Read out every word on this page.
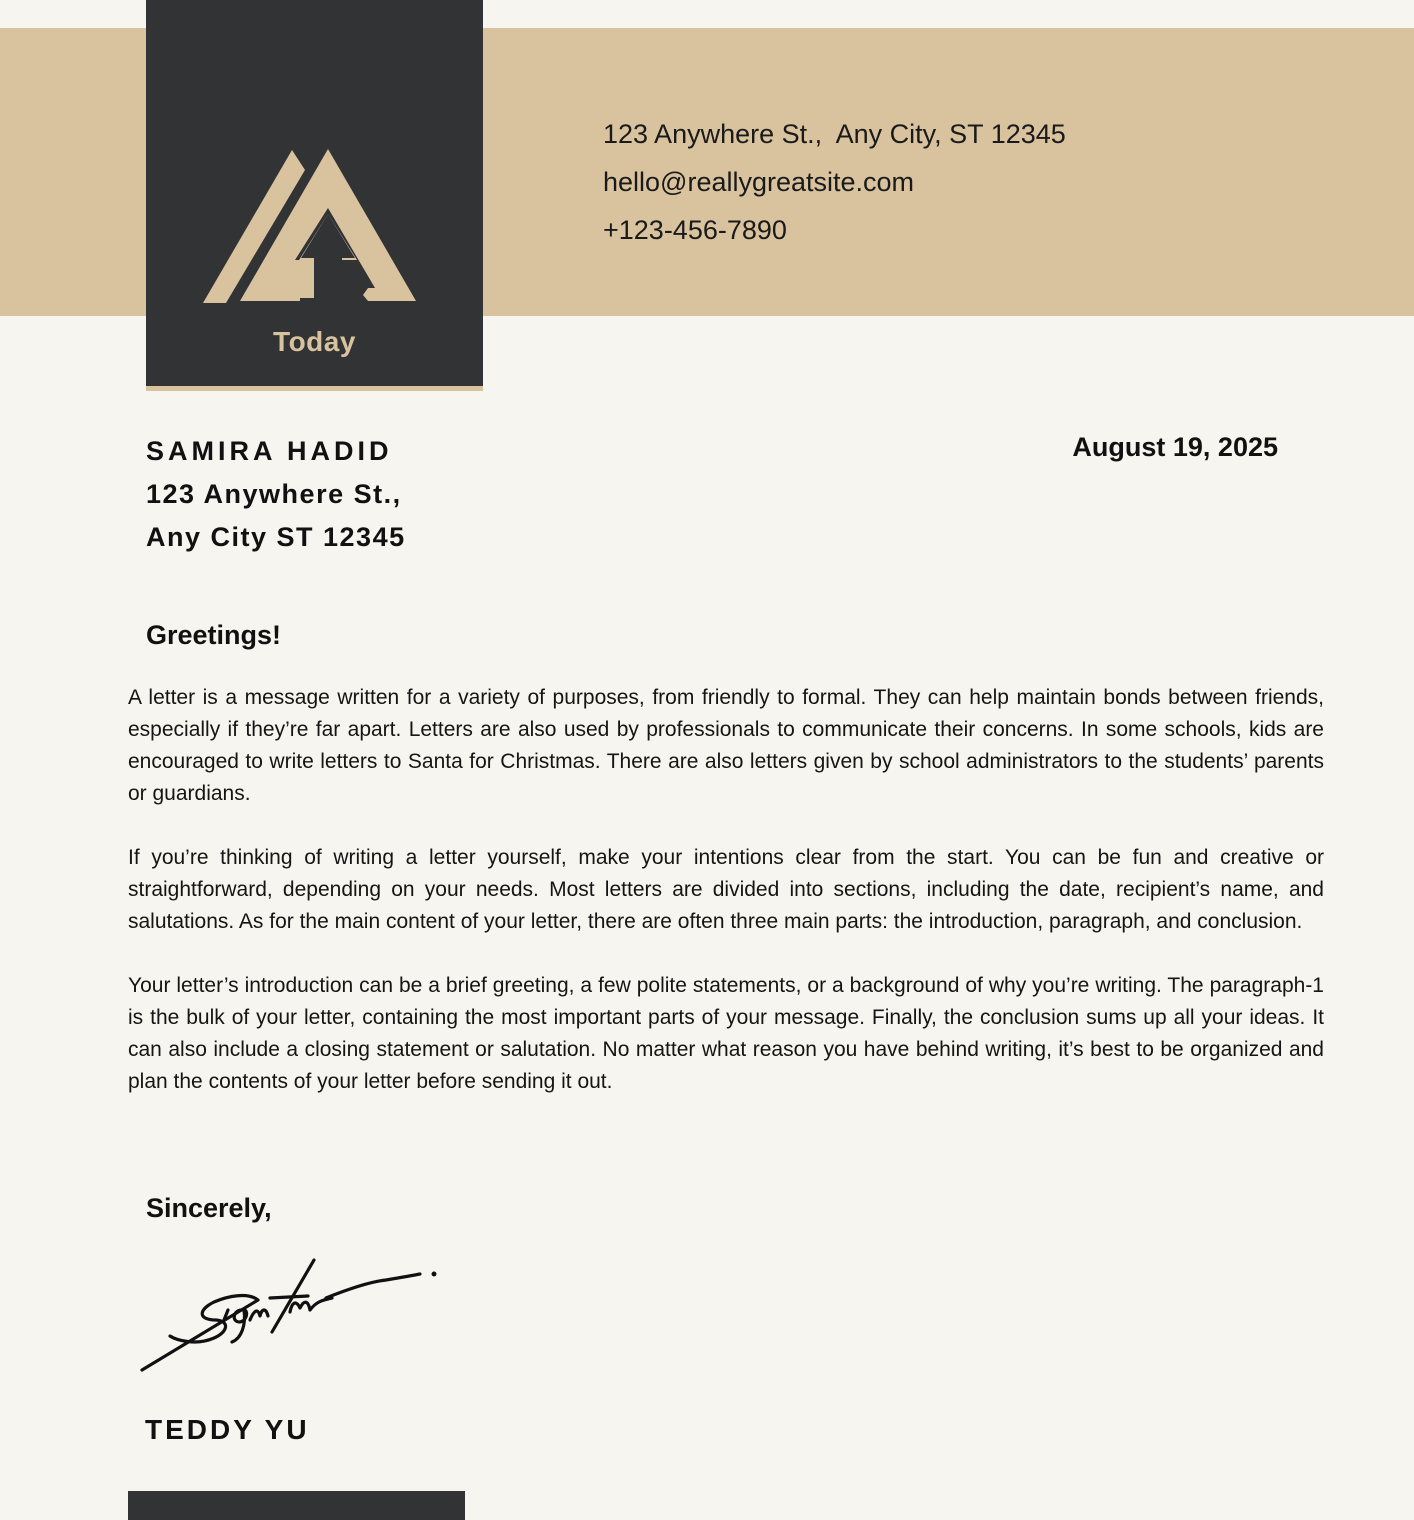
Today
123 Anywhere St.,  Any City, ST 12345
hello@reallygreatsite.com
+123-456-7890
SAMIRA HADID
123 Anywhere St.,
Any City ST 12345
August 19, 2025
Greetings!

A letter is a message written for a variety of purposes, from friendly to formal. They can help maintain bonds between friends, especially if they’re far apart. Letters are also used by professionals to communicate their concerns. In some schools, kids are encouraged to write letters to Santa for Christmas. There are also letters given by school administrators to the students’ parents or guardians.

If you’re thinking of writing a letter yourself, make your intentions clear from the start. You can be fun and creative or straightforward, depending on your needs. Most letters are divided into sections, including the date, recipient’s name, and salutations. As for the main content of your letter, there are often three main parts: the introduction, paragraph, and conclusion.

Your letter’s introduction can be a brief greeting, a few polite statements, or a background of why you’re writing. The paragraph-1 is the bulk of your letter, containing the most important parts of your message. Finally, the conclusion sums up all your ideas. It can also include a closing statement or salutation. No matter what reason you have behind writing, it’s best to be organized and plan the contents of your letter before sending it out.

Sincerely,
Signature.
TEDDY YU
